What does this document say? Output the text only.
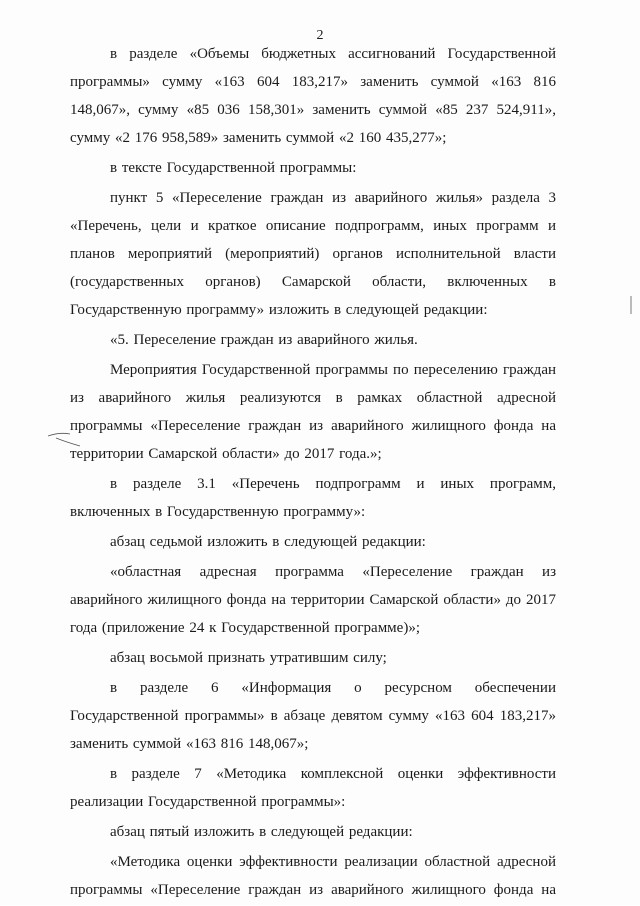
2

в разделе «Объемы бюджетных ассигнований Государственной программы» сумму «163 604 183,217» заменить суммой «163 816 148,067», сумму «85 036 158,301» заменить суммой «85 237 524,911», сумму «2 176 958,589» заменить суммой «2 160 435,277»;

в тексте Государственной программы:

пункт 5 «Переселение граждан из аварийного жилья» раздела 3 «Перечень, цели и краткое описание подпрограмм, иных программ и планов мероприятий (мероприятий) органов исполнительной власти (государственных органов) Самарской области, включенных в Государственную программу» изложить в следующей редакции:

«5. Переселение граждан из аварийного жилья.

Мероприятия Государственной программы по переселению граждан из аварийного жилья реализуются в рамках областной адресной программы «Переселение граждан из аварийного жилищного фонда на территории Самарской области» до 2017 года.»;

в разделе 3.1 «Перечень подпрограмм и иных программ, включенных в Государственную программу»:

абзац седьмой изложить в следующей редакции:

«областная адресная программа «Переселение граждан из аварийного жилищного фонда на территории Самарской области» до 2017 года (приложение 24 к Государственной программе)»;

абзац восьмой признать утратившим силу;

в разделе 6 «Информация о ресурсном обеспечении Государственной программы» в абзаце девятом сумму «163 604 183,217» заменить суммой «163 816 148,067»;

в разделе 7 «Методика комплексной оценки эффективности реализации Государственной программы»:

абзац пятый изложить в следующей редакции:

«Методика оценки эффективности реализации областной адресной программы «Переселение граждан из аварийного жилищного фонда на
